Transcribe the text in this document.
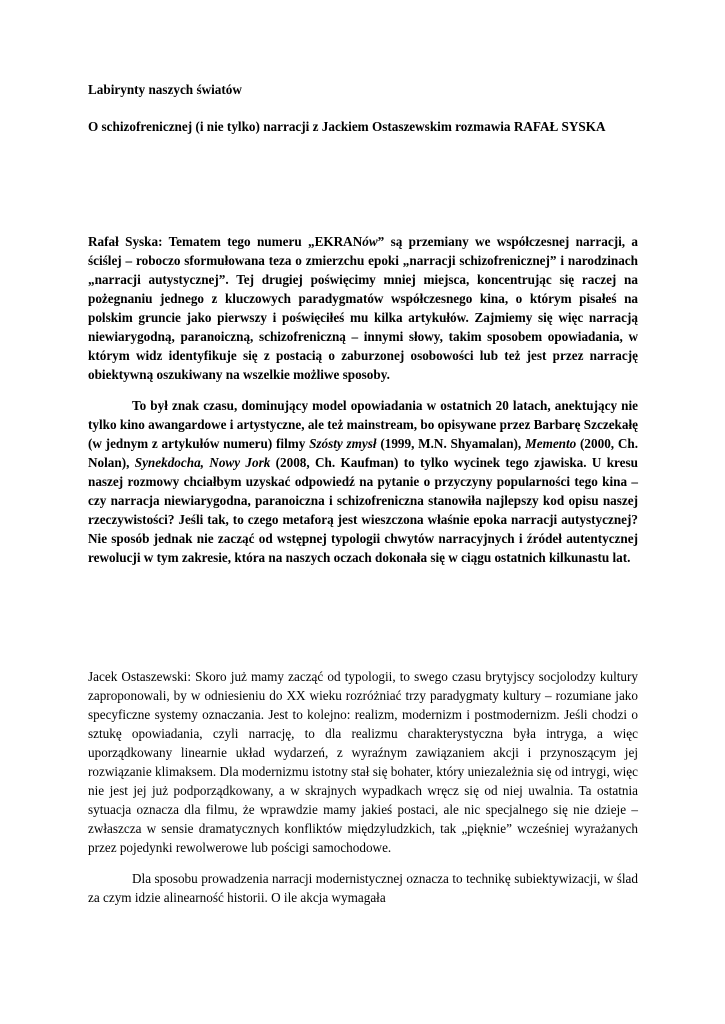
Labirynty naszych światów

O schizofrenicznej (i nie tylko) narracji z Jackiem Ostaszewskim rozmawia RAFAŁ SYSKA

Rafał Syska: Tematem tego numeru „EKRANów” są przemiany we współczesnej narracji, a ściślej – roboczo sformułowana teza o zmierzchu epoki „narracji schizofrenicznej” i narodzinach „narracji autystycznej”. Tej drugiej poświęcimy mniej miejsca, koncentrując się raczej na pożegnaniu jednego z kluczowych paradygmatów współczesnego kina, o którym pisałeś na polskim gruncie jako pierwszy i poświęciłeś mu kilka artykułów. Zajmiemy się więc narracją niewiarygodną, paranoiczną, schizofreniczną – innymi słowy, takim sposobem opowiadania, w którym widz identyfikuje się z postacią o zaburzonej osobowości lub też jest przez narrację obiektywną oszukiwany na wszelkie możliwe sposoby.

To był znak czasu, dominujący model opowiadania w ostatnich 20 latach, anektujący nie tylko kino awangardowe i artystyczne, ale też mainstream, bo opisywane przez Barbarę Szczekałę (w jednym z artykułów numeru) filmy Szósty zmysł (1999, M.N. Shyamalan), Memento (2000, Ch. Nolan), Synekdocha, Nowy Jork (2008, Ch. Kaufman) to tylko wycinek tego zjawiska. U kresu naszej rozmowy chciałbym uzyskać odpowiedź na pytanie o przyczyny popularności tego kina – czy narracja niewiarygodna, paranoiczna i schizofreniczna stanowiła najlepszy kod opisu naszej rzeczywistości? Jeśli tak, to czego metaforą jest wieszczona właśnie epoka narracji autystycznej? Nie sposób jednak nie zacząć od wstępnej typologii chwytów narracyjnych i źródeł autentycznej rewolucji w tym zakresie, która na naszych oczach dokonała się w ciągu ostatnich kilkunastu lat.

Jacek Ostaszewski: Skoro już mamy zacząć od typologii, to swego czasu brytyjscy socjolodzy kultury zaproponowali, by w odniesieniu do XX wieku rozróżniać trzy paradygmaty kultury – rozumiane jako specyficzne systemy oznaczania. Jest to kolejno: realizm, modernizm i postmodernizm. Jeśli chodzi o sztukę opowiadania, czyli narrację, to dla realizmu charakterystyczna była intryga, a więc uporządkowany linearnie układ wydarzeń, z wyraźnym zawiązaniem akcji i przynoszącym jej rozwiązanie klimaksem. Dla modernizmu istotny stał się bohater, który uniezależnia się od intrygi, więc nie jest jej już podporządkowany, a w skrajnych wypadkach wręcz się od niej uwalnia. Ta ostatnia sytuacja oznacza dla filmu, że wprawdzie mamy jakieś postaci, ale nic specjalnego się nie dzieje – zwłaszcza w sensie dramatycznych konfliktów międzyludzkich, tak „pięknie” wcześniej wyrażanych przez pojedynki rewolwerowe lub pościgi samochodowe.

Dla sposobu prowadzenia narracji modernistycznej oznacza to technikę subiektywizacji, w ślad za czym idzie alinearność historii. O ile akcja wymagała
